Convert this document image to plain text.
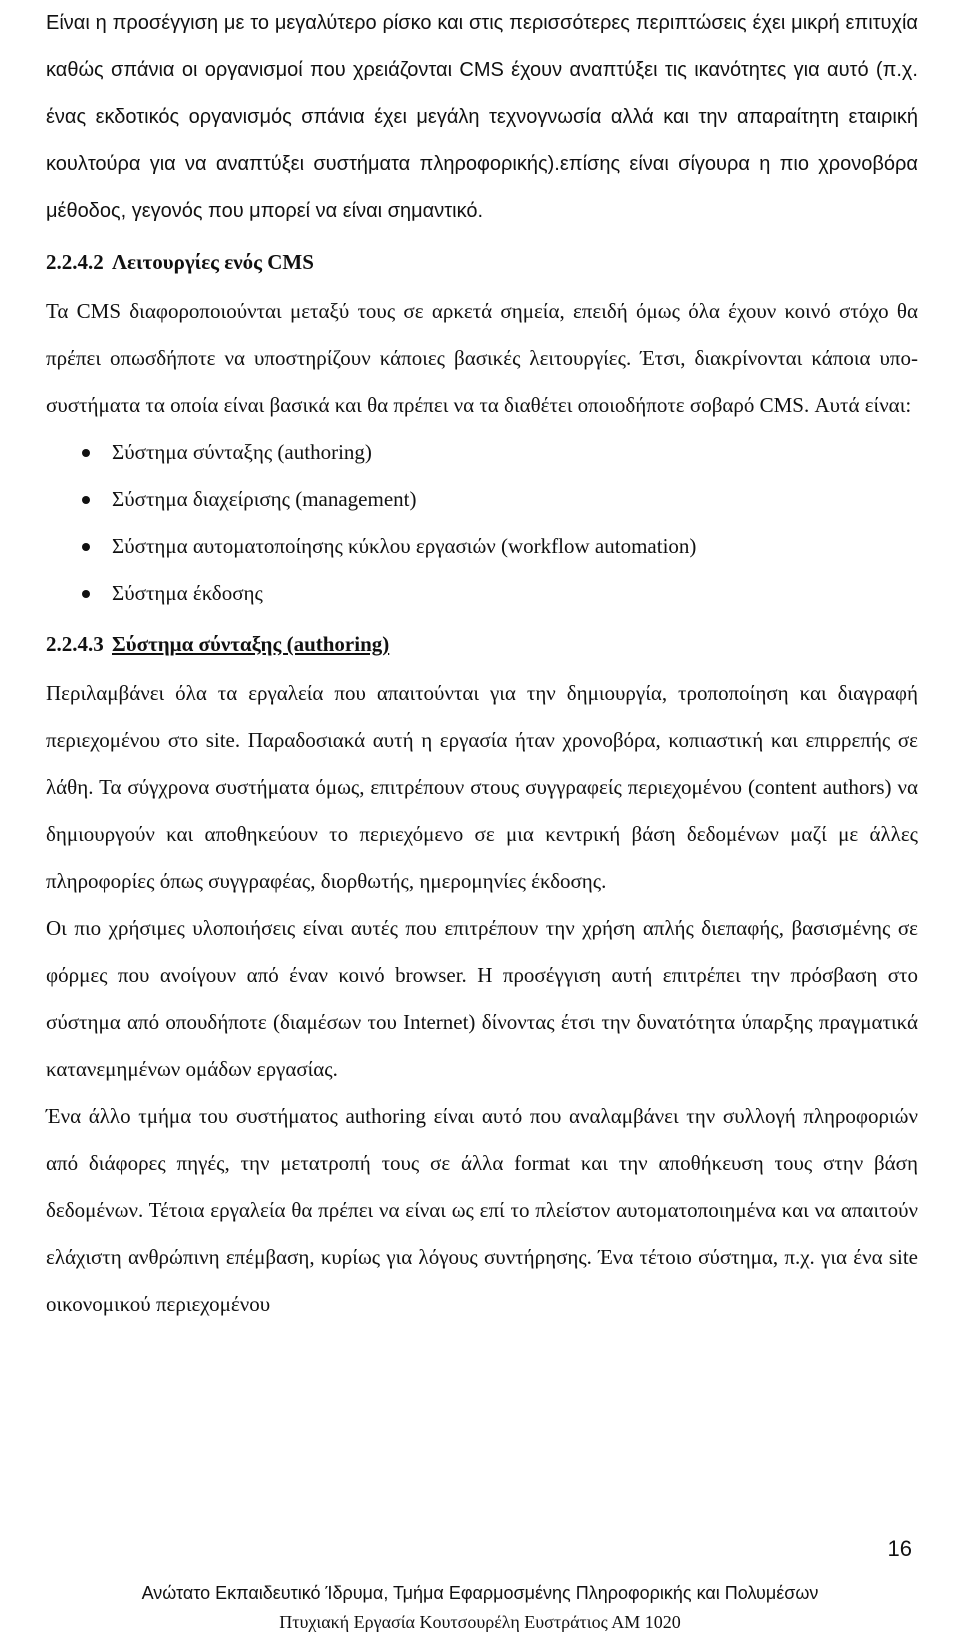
Είναι η προσέγγιση με το μεγαλύτερο ρίσκο και στις περισσότερες περιπτώσεις έχει μικρή επιτυχία καθώς σπάνια οι οργανισμοί που χρειάζονται CMS έχουν αναπτύξει τις ικανότητες για αυτό (π.χ. ένας εκδοτικός οργανισμός σπάνια έχει μεγάλη τεχνογνωσία αλλά και την απαραίτητη εταιρική κουλτούρα για να αναπτύξει συστήματα πληροφορικής).επίσης είναι σίγουρα η πιο χρονοβόρα μέθοδος, γεγονός που μπορεί να είναι σημαντικό.

2.2.4.2 Λειτουργίες ενός CMS

Τα CMS διαφοροποιούνται μεταξύ τους σε αρκετά σημεία, επειδή όμως όλα έχουν κοινό στόχο θα πρέπει οπωσδήποτε να υποστηρίζουν κάποιες βασικές λειτουργίες. Έτσι, διακρίνονται κάποια υπο-συστήματα τα οποία είναι βασικά και θα πρέπει να τα διαθέτει οποιοδήποτε σοβαρό CMS. Αυτά είναι:

Σύστημα σύνταξης (authoring)
Σύστημα διαχείρισης (management)
Σύστημα αυτοματοποίησης κύκλου εργασιών (workflow automation)
Σύστημα έκδοσης
2.2.4.3 Σύστημα σύνταξης (authoring)

Περιλαμβάνει όλα τα εργαλεία που απαιτούνται για την δημιουργία, τροποποίηση και διαγραφή περιεχομένου στο site. Παραδοσιακά αυτή η εργασία ήταν χρονοβόρα, κοπιαστική και επιρρεπής σε λάθη. Τα σύγχρονα συστήματα όμως, επιτρέπουν στους συγγραφείς περιεχομένου (content authors) να δημιουργούν και αποθηκεύουν το περιεχόμενο σε μια κεντρική βάση δεδομένων μαζί με άλλες πληροφορίες όπως συγγραφέας, διορθωτής, ημερομηνίες έκδοσης.

Οι πιο χρήσιμες υλοποιήσεις είναι αυτές που επιτρέπουν την χρήση απλής διεπαφής, βασισμένης σε φόρμες που ανοίγουν από έναν κοινό browser. Η προσέγγιση αυτή επιτρέπει την πρόσβαση στο σύστημα από οπουδήποτε (διαμέσων του Internet) δίνοντας έτσι την δυνατότητα ύπαρξης πραγματικά κατανεμημένων ομάδων εργασίας.

Ένα άλλο τμήμα του συστήματος authoring είναι αυτό που αναλαμβάνει την συλλογή πληροφοριών από διάφορες πηγές, την μετατροπή τους σε άλλα format και την αποθήκευση τους στην βάση δεδομένων. Τέτοια εργαλεία θα πρέπει να είναι ως επί το πλείστον αυτοματοποιημένα και να απαιτούν ελάχιστη ανθρώπινη επέμβαση, κυρίως για λόγους συντήρησης. Ένα τέτοιο σύστημα, π.χ. για ένα site οικονομικού περιεχομένου

16
Ανώτατο Εκπαιδευτικό Ίδρυμα, Τμήμα Εφαρμοσμένης Πληροφορικής και Πολυμέσων
Πτυχιακή Εργασία Κουτσουρέλη Ευστράτιος ΑΜ 1020
